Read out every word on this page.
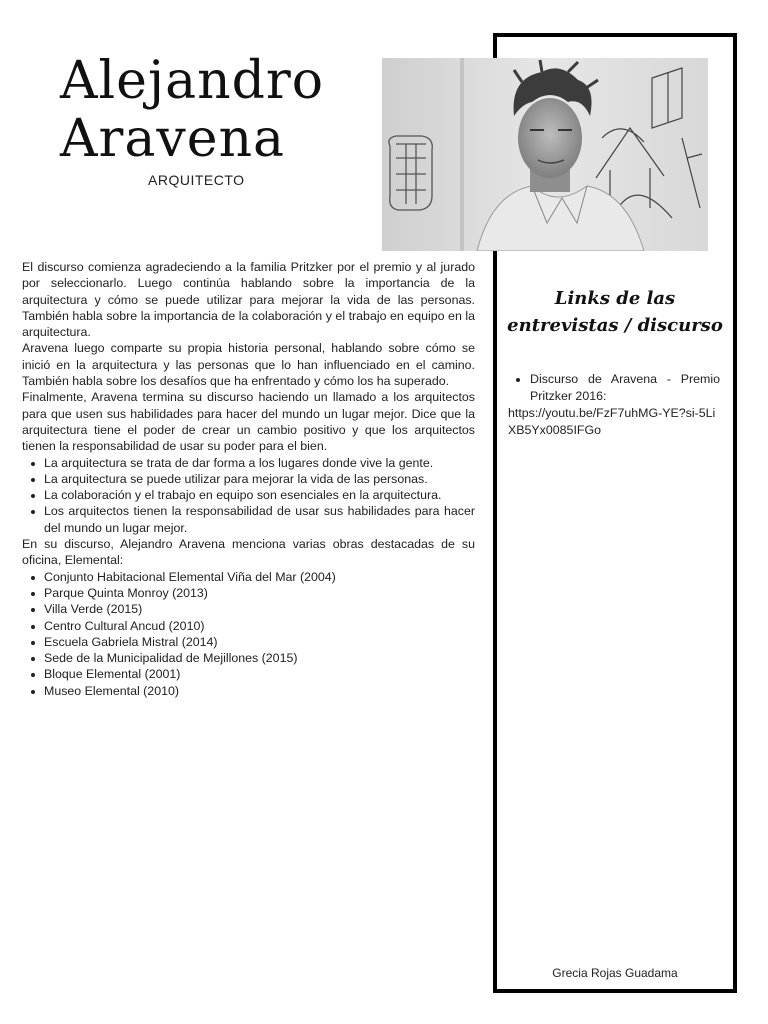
Alejandro
Aravena
ARQUITECTO
Links de las entrevistas / discurso
Discurso de Aravena - Premio Pritzker 2016:
https://youtu.be/FzF7uhMG-YE?si-5LiXB5Yx0085IFGo
Grecia Rojas Guadama

El discurso comienza agradeciendo a la familia Pritzker por el premio y al jurado por seleccionarlo. Luego continúa hablando sobre la importancia de la arquitectura y cómo se puede utilizar para mejorar la vida de las personas. También habla sobre la importancia de la colaboración y el trabajo en equipo en la arquitectura.

Aravena luego comparte su propia historia personal, hablando sobre cómo se inició en la arquitectura y las personas que lo han influenciado en el camino. También habla sobre los desafíos que ha enfrentado y cómo los ha superado.

Finalmente, Aravena termina su discurso haciendo un llamado a los arquitectos para que usen sus habilidades para hacer del mundo un lugar mejor. Dice que la arquitectura tiene el poder de crear un cambio positivo y que los arquitectos tienen la responsabilidad de usar su poder para el bien.

La arquitectura se trata de dar forma a los lugares donde vive la gente.
La arquitectura se puede utilizar para mejorar la vida de las personas.
La colaboración y el trabajo en equipo son esenciales en la arquitectura.
Los arquitectos tienen la responsabilidad de usar sus habilidades para hacer del mundo un lugar mejor.

En su discurso, Alejandro Aravena menciona varias obras destacadas de su oficina, Elemental:

Conjunto Habitacional Elemental Viña del Mar (2004)
Parque Quinta Monroy (2013)
Villa Verde (2015)
Centro Cultural Ancud (2010)
Escuela Gabriela Mistral (2014)
Sede de la Municipalidad de Mejillones (2015)
Bloque Elemental (2001)
Museo Elemental (2010)
